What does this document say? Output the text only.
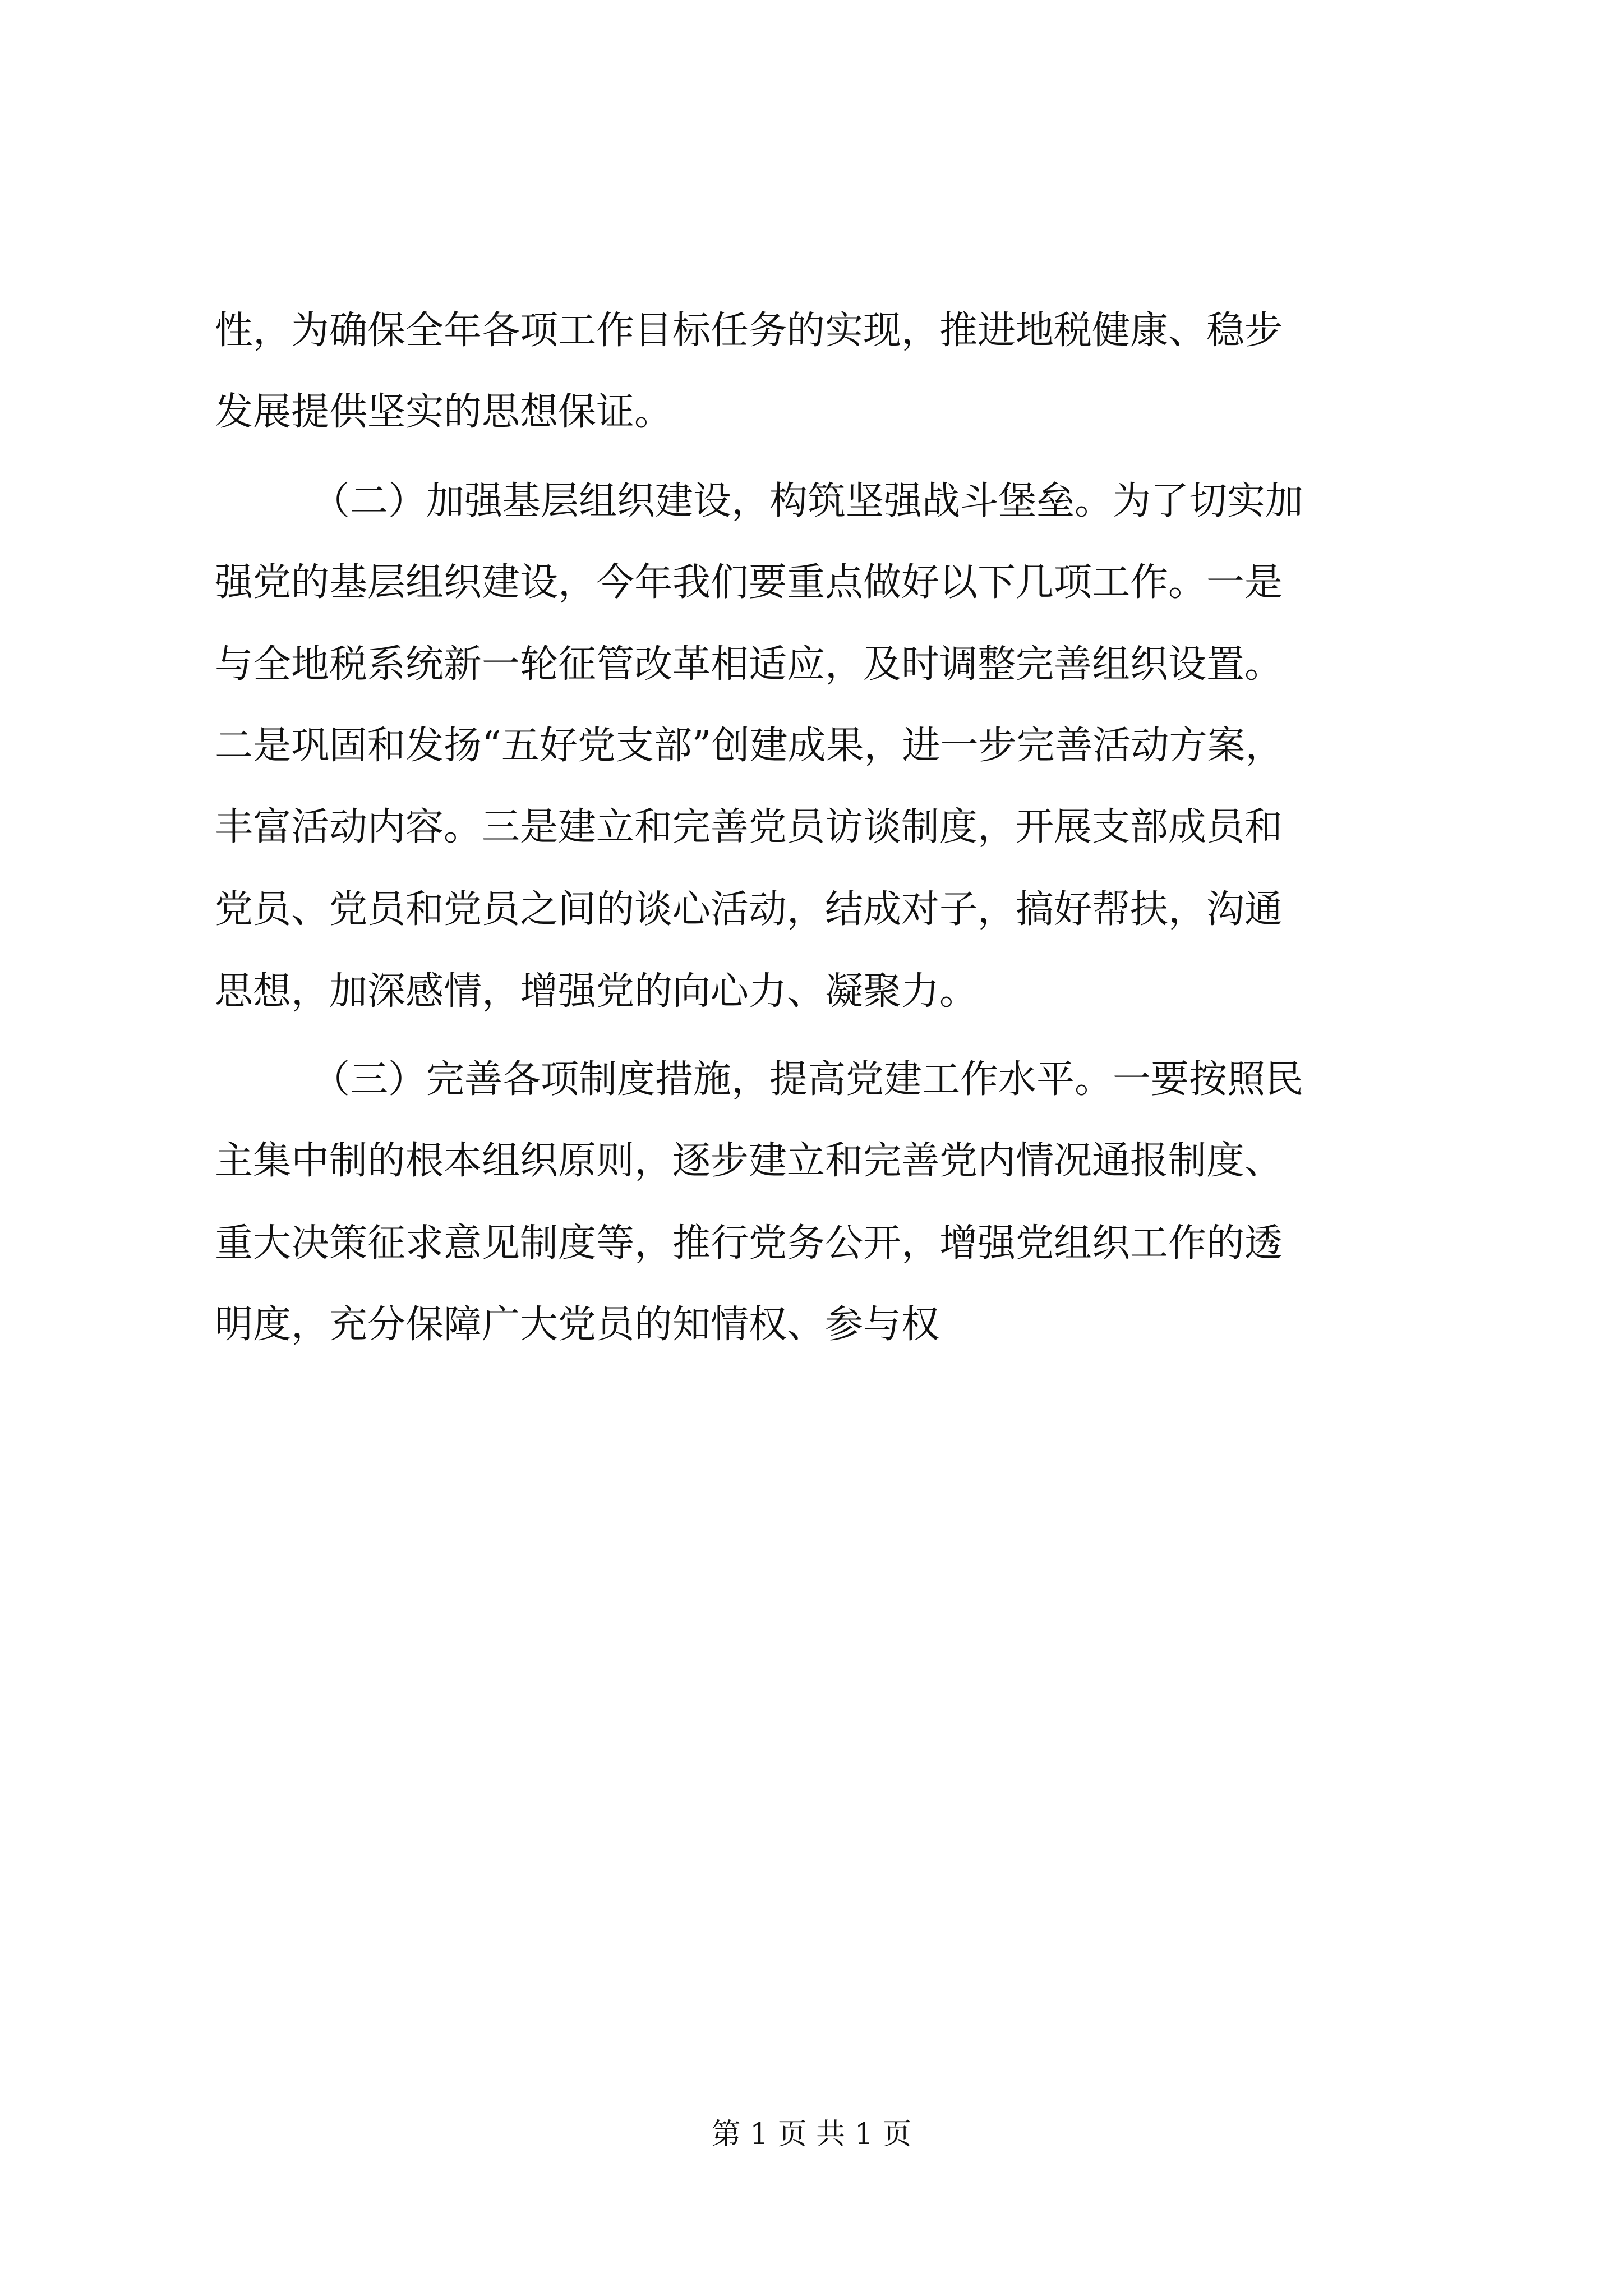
性，为确保全年各项工作目标任务的实现，推进地税健康、稳步
发展提供坚实的思想保证。
（二）加强基层组织建设，构筑坚强战斗堡垒。为了切实加
强党的基层组织建设，今年我们要重点做好以下几项工作。一是
与全地税系统新一轮征管改革相适应，及时调整完善组织设置。
二是巩固和发扬“五好党支部”创建成果，进一步完善活动方案，
丰富活动内容。三是建立和完善党员访谈制度，开展支部成员和
党员、党员和党员之间的谈心活动，结成对子，搞好帮扶，沟通
思想，加深感情，增强党的向心力、凝聚力。
（三）完善各项制度措施，提高党建工作水平。一要按照民
主集中制的根本组织原则，逐步建立和完善党内情况通报制度、
重大决策征求意见制度等，推行党务公开，增强党组织工作的透
明度，充分保障广大党员的知情权、参与权
第 1 页 共 1 页
